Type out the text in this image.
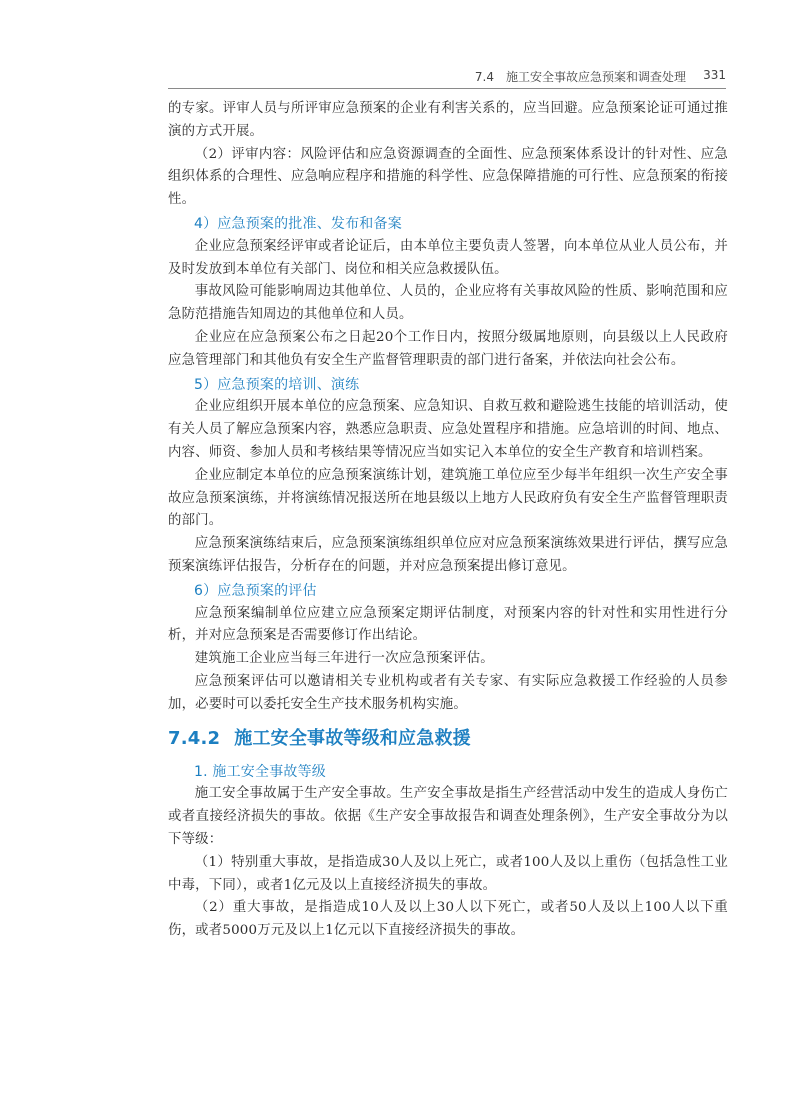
7.4　施工安全事故应急预案和调查处理 331

的专家。评审人员与所评审应急预案的企业有利害关系的，应当回避。应急预案论证可通过推演的方式开展。

（2）评审内容：风险评估和应急资源调查的全面性、应急预案体系设计的针对性、应急组织体系的合理性、应急响应程序和措施的科学性、应急保障措施的可行性、应急预案的衔接性。

4）应急预案的批准、发布和备案

企业应急预案经评审或者论证后，由本单位主要负责人签署，向本单位从业人员公布，并及时发放到本单位有关部门、岗位和相关应急救援队伍。

事故风险可能影响周边其他单位、人员的，企业应将有关事故风险的性质、影响范围和应急防范措施告知周边的其他单位和人员。

企业应在应急预案公布之日起20个工作日内，按照分级属地原则，向县级以上人民政府应急管理部门和其他负有安全生产监督管理职责的部门进行备案，并依法向社会公布。

5）应急预案的培训、演练

企业应组织开展本单位的应急预案、应急知识、自救互救和避险逃生技能的培训活动，使有关人员了解应急预案内容，熟悉应急职责、应急处置程序和措施。应急培训的时间、地点、内容、师资、参加人员和考核结果等情况应当如实记入本单位的安全生产教育和培训档案。

企业应制定本单位的应急预案演练计划，建筑施工单位应至少每半年组织一次生产安全事故应急预案演练，并将演练情况报送所在地县级以上地方人民政府负有安全生产监督管理职责的部门。

应急预案演练结束后，应急预案演练组织单位应对应急预案演练效果进行评估，撰写应急预案演练评估报告，分析存在的问题，并对应急预案提出修订意见。

6）应急预案的评估

应急预案编制单位应建立应急预案定期评估制度，对预案内容的针对性和实用性进行分析，并对应急预案是否需要修订作出结论。

建筑施工企业应当每三年进行一次应急预案评估。

应急预案评估可以邀请相关专业机构或者有关专家、有实际应急救援工作经验的人员参加，必要时可以委托安全生产技术服务机构实施。

7.4.2 施工安全事故等级和应急救援
1. 施工安全事故等级

施工安全事故属于生产安全事故。生产安全事故是指生产经营活动中发生的造成人身伤亡或者直接经济损失的事故。依据《生产安全事故报告和调查处理条例》，生产安全事故分为以下等级：

（1）特别重大事故，是指造成30人及以上死亡，或者100人及以上重伤（包括急性工业中毒，下同），或者1亿元及以上直接经济损失的事故。

（2）重大事故，是指造成10人及以上30人以下死亡，或者50人及以上100人以下重伤，或者5000万元及以上1亿元以下直接经济损失的事故。
